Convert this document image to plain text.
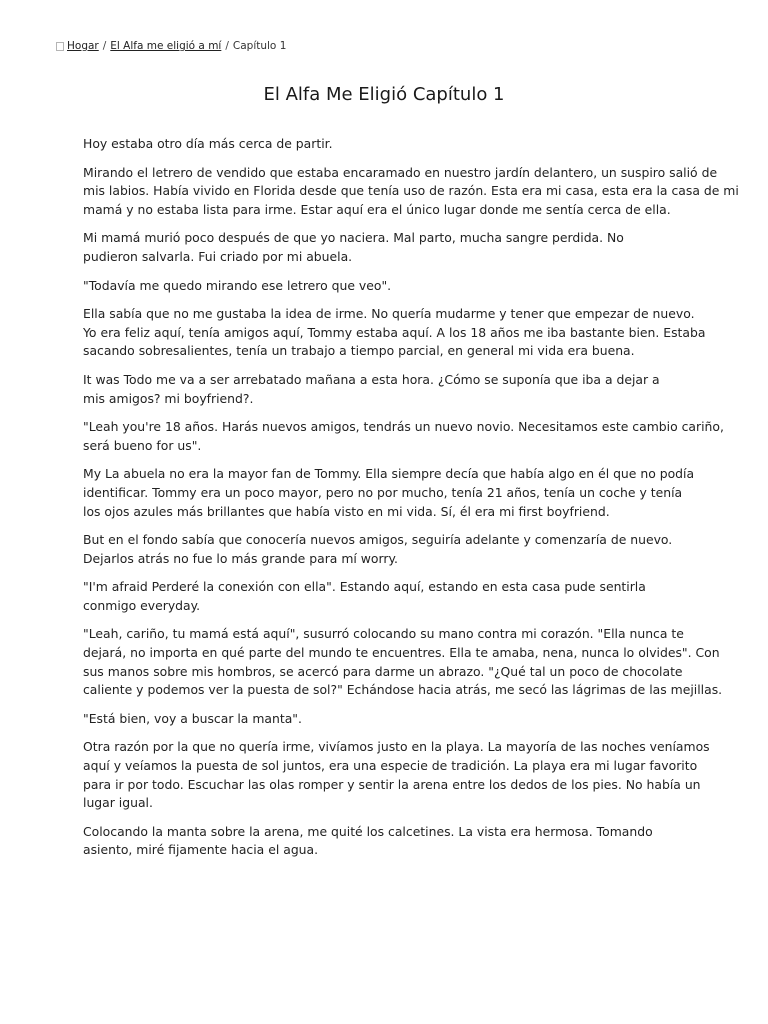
Hogar / El Alfa me eligió a mí / Capítulo 1
El Alfa Me Eligió Capítulo 1

Hoy estaba otro día más cerca de partir.

Mirando el letrero de vendido que estaba encaramado en nuestro jardín delantero, un suspiro salió de
mis labios. Había vivido en Florida desde que tenía uso de razón. Esta era mi casa, esta era la casa de mi
mamá y no estaba lista para irme. Estar aquí era el único lugar donde me sentía cerca de ella.

Mi mamá murió poco después de que yo naciera. Mal parto, mucha sangre perdida. No
pudieron salvarla. Fui criado por mi abuela.

"Todavía me quedo mirando ese letrero que veo".

Ella sabía que no me gustaba la idea de irme. No quería mudarme y tener que empezar de nuevo.
Yo era feliz aquí, tenía amigos aquí, Tommy estaba aquí. A los 18 años me iba bastante bien. Estaba
sacando sobresalientes, tenía un trabajo a tiempo parcial, en general mi vida era buena.

It was Todo me va a ser arrebatado mañana a esta hora. ¿Cómo se suponía que iba a dejar a
mis amigos? mi boyfriend?.

"Leah you're 18 años. Harás nuevos amigos, tendrás un nuevo novio. Necesitamos este cambio cariño,
será bueno for us".

My La abuela no era la mayor fan de Tommy. Ella siempre decía que había algo en él que no podía
identificar. Tommy era un poco mayor, pero no por mucho, tenía 21 años, tenía un coche y tenía
los ojos azules más brillantes que había visto en mi vida. Sí, él era mi first boyfriend.

But en el fondo sabía que conocería nuevos amigos, seguiría adelante y comenzaría de nuevo.
Dejarlos atrás no fue lo más grande para mí worry.

"I'm afraid Perderé la conexión con ella". Estando aquí, estando en esta casa pude sentirla
conmigo everyday.

"Leah, cariño, tu mamá está aquí", susurró colocando su mano contra mi corazón. "Ella nunca te
dejará, no importa en qué parte del mundo te encuentres. Ella te amaba, nena, nunca lo olvides". Con
sus manos sobre mis hombros, se acercó para darme un abrazo. "¿Qué tal un poco de chocolate
caliente y podemos ver la puesta de sol?" Echándose hacia atrás, me secó las lágrimas de las mejillas.

"Está bien, voy a buscar la manta".

Otra razón por la que no quería irme, vivíamos justo en la playa. La mayoría de las noches veníamos
aquí y veíamos la puesta de sol juntos, era una especie de tradición. La playa era mi lugar favorito
para ir por todo. Escuchar las olas romper y sentir la arena entre los dedos de los pies. No había un
lugar igual.

Colocando la manta sobre la arena, me quité los calcetines. La vista era hermosa. Tomando
asiento, miré fijamente hacia el agua.
